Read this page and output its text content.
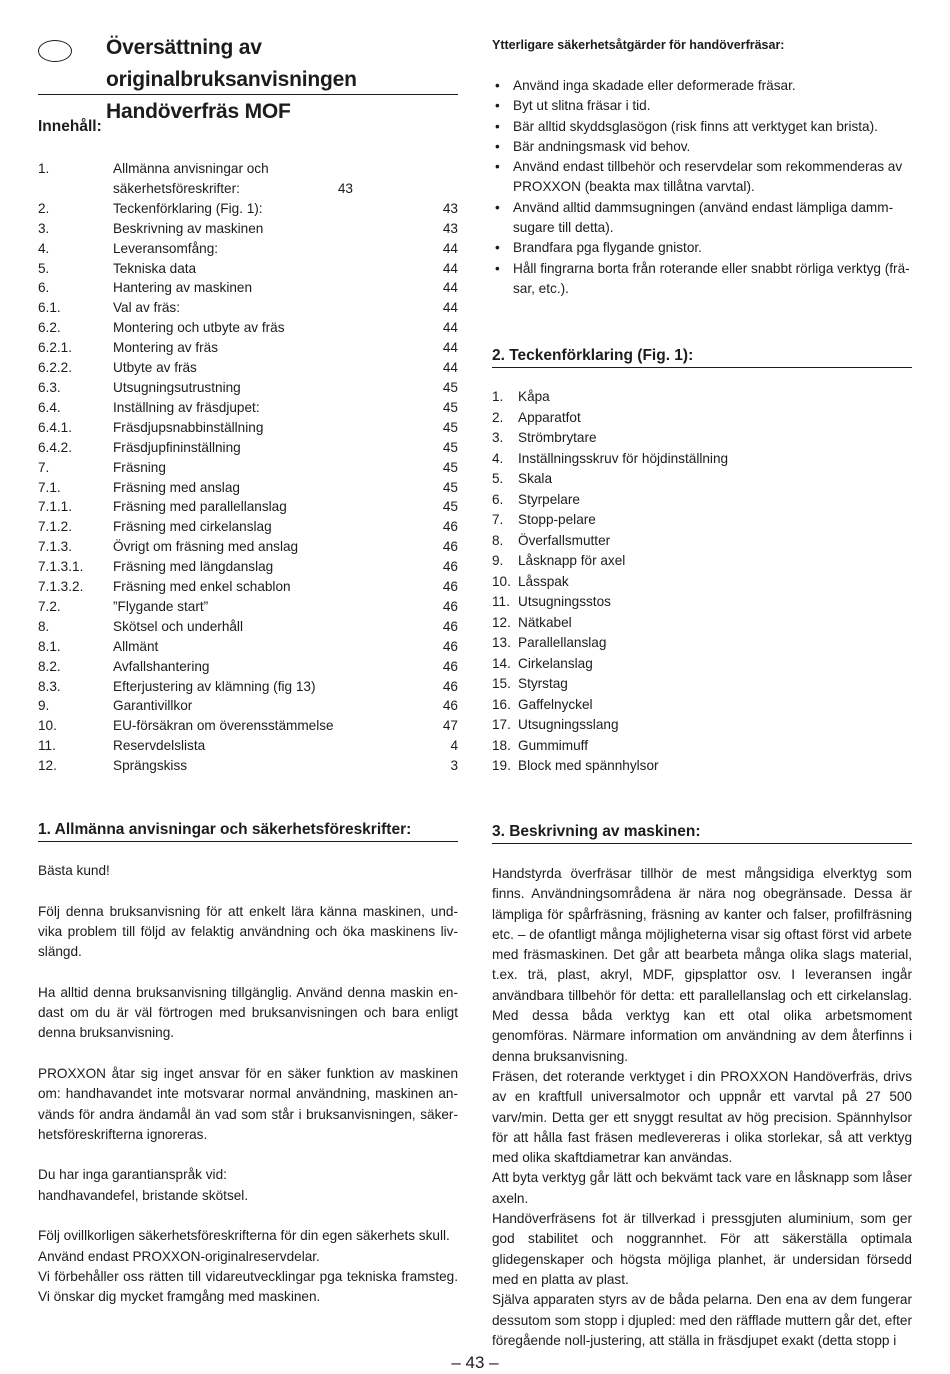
Översättning av originalbruksanvisningen Handöverfräs MOF
Innehåll:
1.	Allmänna anvisningar och säkerhetsföreskrifter:	43
2.	Teckenförklaring (Fig. 1):	43
3.	Beskrivning av maskinen	43
4.	Leveransomfång:	44
5.	Tekniska data	44
6.	Hantering av maskinen	44
6.1.	Val av fräs:	44
6.2.	Montering och utbyte av fräs	44
6.2.1.	Montering av fräs	44
6.2.2.	Utbyte av fräs	44
6.3.	Utsugningsutrustning	45
6.4.	Inställning av fräsdjupet:	45
6.4.1.	Fräsdjupsnabbinställning	45
6.4.2.	Fräsdjupfininställning	45
7.	Fräsning	45
7.1.	Fräsning med anslag	45
7.1.1.	Fräsning med parallellanslag	45
7.1.2.	Fräsning med cirkelanslag	46
7.1.3.	Övrigt om fräsning med anslag	46
7.1.3.1.	Fräsning med längdanslag	46
7.1.3.2.	Fräsning med enkel schablon	46
7.2.	”Flygande start”	46
8.	Skötsel och underhåll	46
8.1.	Allmänt	46
8.2.	Avfallshantering	46
8.3.	Efterjustering av klämning (fig 13)	46
9.	Garantivillkor	46
10.	EU-försäkran om överensstämmelse	47
11.	Reservdelslista	4
12.	Sprängskiss	3
1. Allmänna anvisningar och säkerhetsföreskrifter:

Bästa kund!

Följ denna bruksanvisning för att enkelt lära känna maskinen, undvika problem till följd av felaktig användning och öka maskinens livslängd.

Ha alltid denna bruksanvisning tillgänglig. Använd denna maskin endast om du är väl förtrogen med bruksanvisningen och bara enligt denna bruksanvisning.

PROXXON åtar sig inget ansvar för en säker funktion av maskinen om: handhavandet inte motsvarar normal användning, maskinen används för andra ändamål än vad som står i bruksanvisningen, säkerhetsföreskrifterna ignoreras.

Du har inga garantianspråk vid:

handhavandefel, bristande skötsel.

Följ ovillkorligen säkerhetsföreskrifterna för din egen säkerhets skull.

Använd endast PROXXON-originalreservdelar.

Vi förbehåller oss rätten till vidareutvecklingar pga tekniska framsteg. Vi önskar dig mycket framgång med maskinen.

Ytterligare säkerhetsåtgärder för handöverfräsar:
• Använd inga skadade eller deformerade fräsar.
• Byt ut slitna fräsar i tid.
• Bär alltid skyddsglasögon (risk finns att verktyget kan brista).
• Bär andningsmask vid behov.
• Använd endast tillbehör och reservdelar som rekommenderas av PROXXON (beakta max tillåtna varvtal).
• Använd alltid dammsugningen (använd endast lämpliga dammsugare till detta).
• Brandfara pga flygande gnistor.
• Håll fingrarna borta från roterande eller snabbt rörliga verktyg (fräsar, etc.).
2. Teckenförklaring (Fig. 1):
1.	Kåpa
2.	Apparatfot
3.	Strömbrytare
4.	Inställningsskruv för höjdinställning
5.	Skala
6.	Styrpelare
7.	Stopp-pelare
8.	Överfallsmutter
9.	Låsknapp för axel
10. Låsspak
11. Utsugningsstos
12. Nätkabel
13. Parallellanslag
14. Cirkelanslag
15. Styrstag
16. Gaffelnyckel
17. Utsugningsslang
18. Gummimuff
19. Block med spännhylsor
3. Beskrivning av maskinen:

Handstyrda överfräsar tillhör de mest mångsidiga elverktyg som finns. Användningsområdena är nära nog obegränsade. Dessa är lämpliga för spårfräsning, fräsning av kanter och falser, profilfräsning etc. – de ofantligt många möjligheterna visar sig oftast först vid arbete med fräsmaskinen. Det går att bearbeta många olika slags material, t.ex. trä, plast, akryl, MDF, gipsplattor osv. I leveransen ingår användbara tillbehör för detta: ett parallellanslag och ett cirkelanslag. Med dessa båda verktyg kan ett otal olika arbetsmoment genomföras. Närmare information om användning av dem återfinns i denna bruksanvisning.

Fräsen, det roterande verktyget i din PROXXON Handöverfräs, drivs av en kraftfull universalmotor och uppnår ett varvtal på 27 500 varv/min. Detta ger ett snyggt resultat av hög precision. Spännhylsor för att hålla fast fräsen medlevereras i olika storlekar, så att verktyg med olika skaftdiametrar kan användas.

Att byta verktyg går lätt och bekvämt tack vare en låsknapp som låser axeln.

Handöverfräsens fot är tillverkad i pressgjuten aluminium, som ger god stabilitet och noggrannhet. För att säkerställa optimala glidegenskaper och högsta möjliga planhet, är undersidan försedd med en platta av plast.

Själva apparaten styrs av de båda pelarna. Den ena av dem fungerar dessutom som stopp i djupled: med den räfflade muttern går det, efter föregående noll-justering, att ställa in fräsdjupet exakt (detta stopp i

– 43 –
